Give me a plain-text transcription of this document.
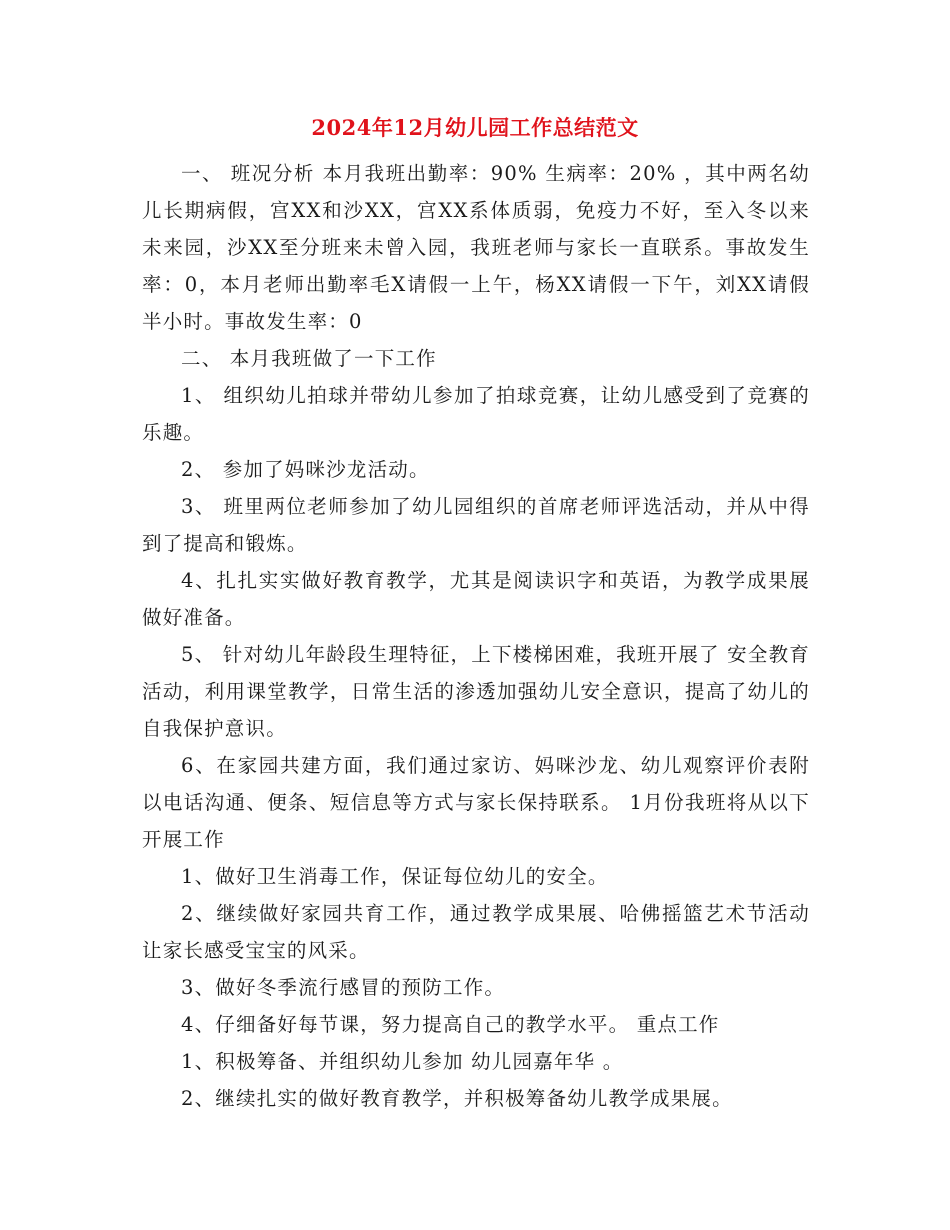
2024年12月幼儿园工作总结范文

一、 班况分析 本月我班出勤率：90% 生病率：20% ，其中两名幼儿长期病假，宫XX和沙XX，宫XX系体质弱，免疫力不好，至入冬以来未来园，沙XX至分班来未曾入园，我班老师与家长一直联系。事故发生率：0，本月老师出勤率毛X请假一上午，杨XX请假一下午，刘XX请假半小时。事故发生率：0

二、 本月我班做了一下工作

1、 组织幼儿拍球并带幼儿参加了拍球竞赛，让幼儿感受到了竞赛的乐趣。

2、 参加了妈咪沙龙活动。

3、 班里两位老师参加了幼儿园组织的首席老师评选活动，并从中得到了提高和锻炼。

4、扎扎实实做好教育教学，尤其是阅读识字和英语，为教学成果展做好准备。

5、 针对幼儿年龄段生理特征，上下楼梯困难，我班开展了 安全教育 活动，利用课堂教学，日常生活的渗透加强幼儿安全意识，提高了幼儿的自我保护意识。

6、在家园共建方面，我们通过家访、妈咪沙龙、幼儿观察评价表附以电话沟通、便条、短信息等方式与家长保持联系。 1月份我班将从以下开展工作

1、做好卫生消毒工作，保证每位幼儿的安全。

2、继续做好家园共育工作，通过教学成果展、哈佛摇篮艺术节活动让家长感受宝宝的风采。

3、做好冬季流行感冒的预防工作。

4、仔细备好每节课，努力提高自己的教学水平。 重点工作

1、积极筹备、并组织幼儿参加 幼儿园嘉年华 。

2、继续扎实的做好教育教学，并积极筹备幼儿教学成果展。
